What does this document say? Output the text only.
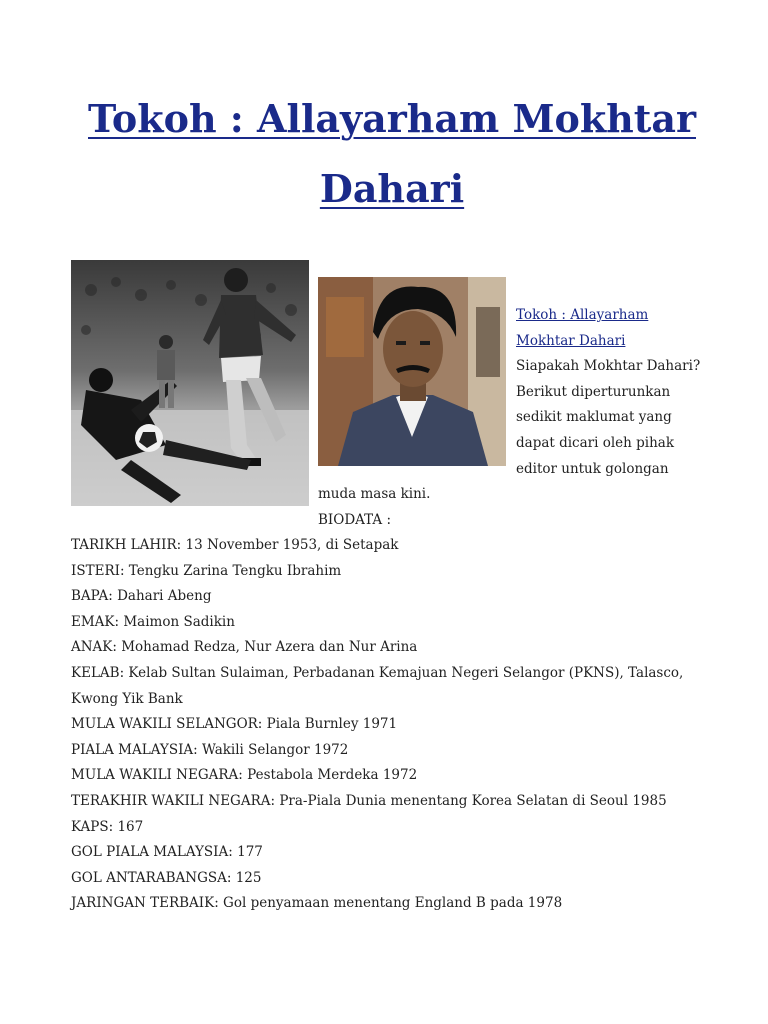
Tokoh : Allayarham Mokhtar
Dahari
Tokoh : Allayarham
Mokhtar Dahari
Siapakah Mokhtar Dahari?
Berikut diperturunkan
sedikit maklumat yang
dapat dicari oleh pihak
editor untuk golongan
muda masa kini.
BIODATA :
TARIKH LAHIR: 13 November 1953, di Setapak
ISTERI: Tengku Zarina Tengku Ibrahim
BAPA: Dahari Abeng
EMAK: Maimon Sadikin
ANAK: Mohamad Redza, Nur Azera dan Nur Arina
KELAB: Kelab Sultan Sulaiman, Perbadanan Kemajuan Negeri Selangor (PKNS), Talasco,
Kwong Yik Bank
MULA WAKILI SELANGOR: Piala Burnley 1971
PIALA MALAYSIA: Wakili Selangor 1972
MULA WAKILI NEGARA: Pestabola Merdeka 1972
TERAKHIR WAKILI NEGARA: Pra-Piala Dunia menentang Korea Selatan di Seoul 1985
KAPS: 167
GOL PIALA MALAYSIA: 177
GOL ANTARABANGSA: 125
JARINGAN TERBAIK: Gol penyamaan menentang England B pada 1978
